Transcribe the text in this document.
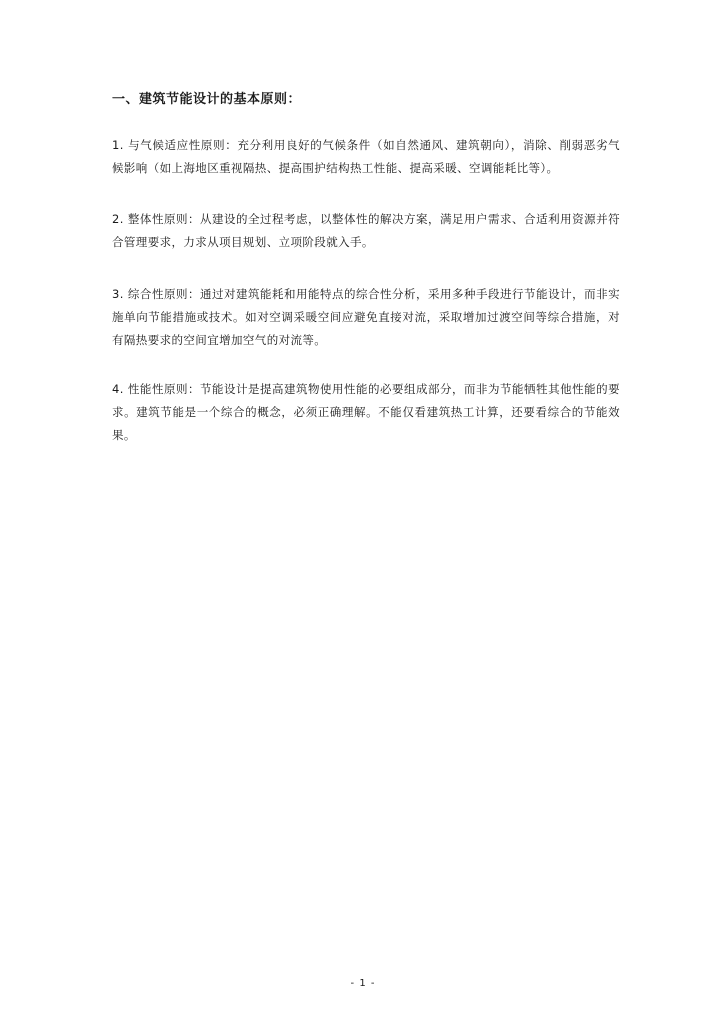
一、建筑节能设计的基本原则：
1. 与气候适应性原则：充分利用良好的气候条件（如自然通风、建筑朝向），消除、削弱恶劣气候影响（如上海地区重视隔热、提高围护结构热工性能、提高采暖、空调能耗比等）。
2. 整体性原则：从建设的全过程考虑，以整体性的解决方案，满足用户需求、合适利用资源并符合管理要求，力求从项目规划、立项阶段就入手。
3. 综合性原则：通过对建筑能耗和用能特点的综合性分析，采用多种手段进行节能设计，而非实施单向节能措施或技术。如对空调采暖空间应避免直接对流，采取增加过渡空间等综合措施，对有隔热要求的空间宜增加空气的对流等。
4. 性能性原则：节能设计是提高建筑物使用性能的必要组成部分，而非为节能牺牲其他性能的要求。建筑节能是一个综合的概念，必须正确理解。不能仅看建筑热工计算，还要看综合的节能效果。
- 1 -
